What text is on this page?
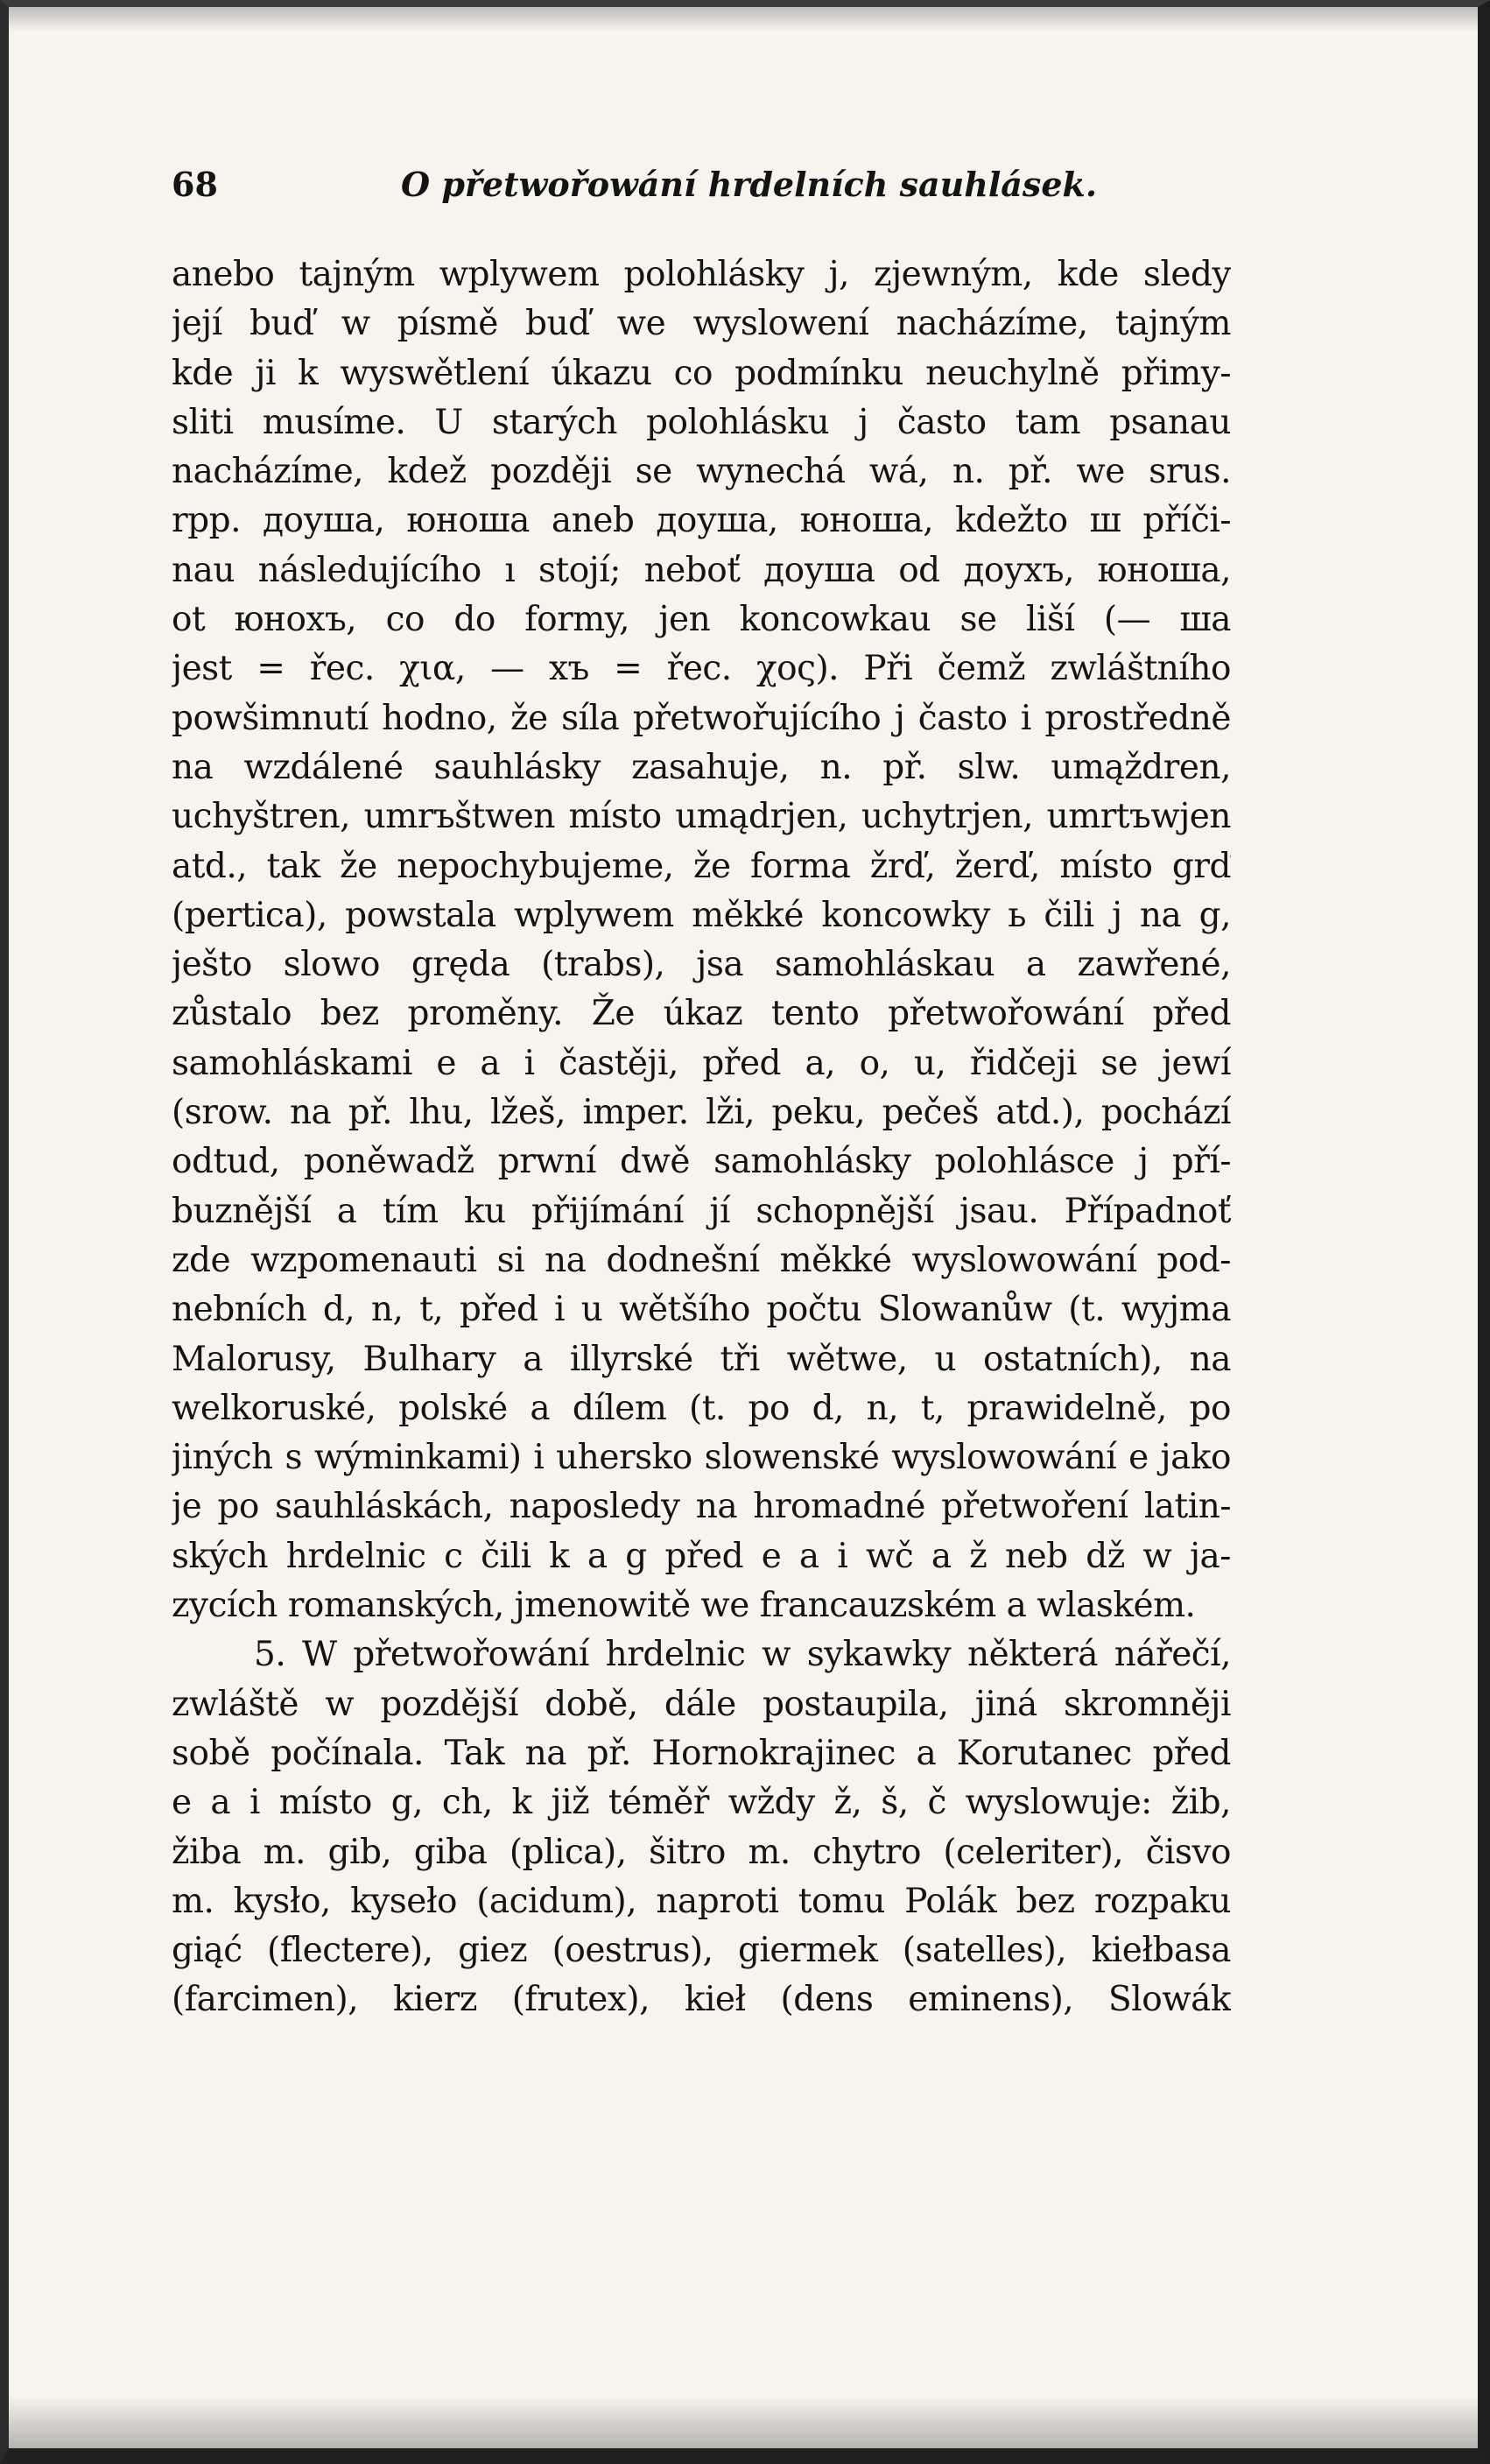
68	O přetwořowání hrdelních sauhlásek.
anebo tajným wplywem polohlásky j, zjewným, kde sledy
její buď w písmě buď we wyslowení nacházíme, tajným
kde ji k wyswětlení úkazu co podmínku neuchylně přimy-
sliti musíme. U starých polohlásku j často tam psanau
nacházíme, kdež později se wynechá wá, n. př. we srus.
rpp. доуша, юноша aneb доуша, юноша, kdežto ш příči-
nau následujícího ı stojí; neboť доуша od доухъ, юноша,
ot юнохъ, co do formy, jen koncowkau se liší (— ша
jest = řec. χια, — хъ = řec. χος). Při čemž zwláštního
powšimnutí hodno, že síla přetwořujícího j často i prostředně
na wzdálené sauhlásky zasahuje, n. př. slw. umąždren,
uchyštren, umrъštwen místo umądrjen, uchytrjen, umrtъwjen
atd., tak že nepochybujeme, že forma žrď, žerď, místo grď
(pertica), powstala wplywem měkké koncowky ь čili j na g,
ješto slowo gręda (trabs), jsa samohláskau a zawřené,
zůstalo bez proměny. Že úkaz tento přetwořowání před
samohláskami e a i častěji, před a, o, u, řidčeji se jewí
(srow. na př. lhu, lžeš, imper. lži, peku, pečeš atd.), pochází
odtud, poněwadž prwní dwě samohlásky polohlásce j pří-
buznější a tím ku přijímání jí schopnější jsau. Případnoť
zde wzpomenauti si na dodnešní měkké wyslowowání pod-
nebních d, n, t, před i u wětšího počtu Slowanůw (t. wyjma
Malorusy, Bulhary a illyrské tři wětwe, u ostatních), na
welkoruské, polské a dílem (t. po d, n, t, prawidelně, po
jiných s wýminkami) i uhersko slowenské wyslowowání e jako
je po sauhláskách, naposledy na hromadné přetwoření latin-
ských hrdelnic c čili k a g před e a i wč a ž neb dž w ja-
zycích romanských, jmenowitě we francauzském a wlaském.
5. W přetwořowání hrdelnic w sykawky některá nářečí,
zwláště w pozdější době, dále postaupila, jiná skromněji
sobě počínala. Tak na př. Hornokrajinec a Korutanec před
e a i místo g, ch, k již téměř wždy ž, š, č wyslowuje: žib,
žiba m. gib, giba (plica), šitro m. chytro (celeriter), čisvo
m. kysło, kyseło (acidum), naproti tomu Polák bez rozpaku
giąć (flectere), giez (oestrus), giermek (satelles), kiełbasa
(farcimen), kierz (frutex), kieł (dens eminens), Slowák
